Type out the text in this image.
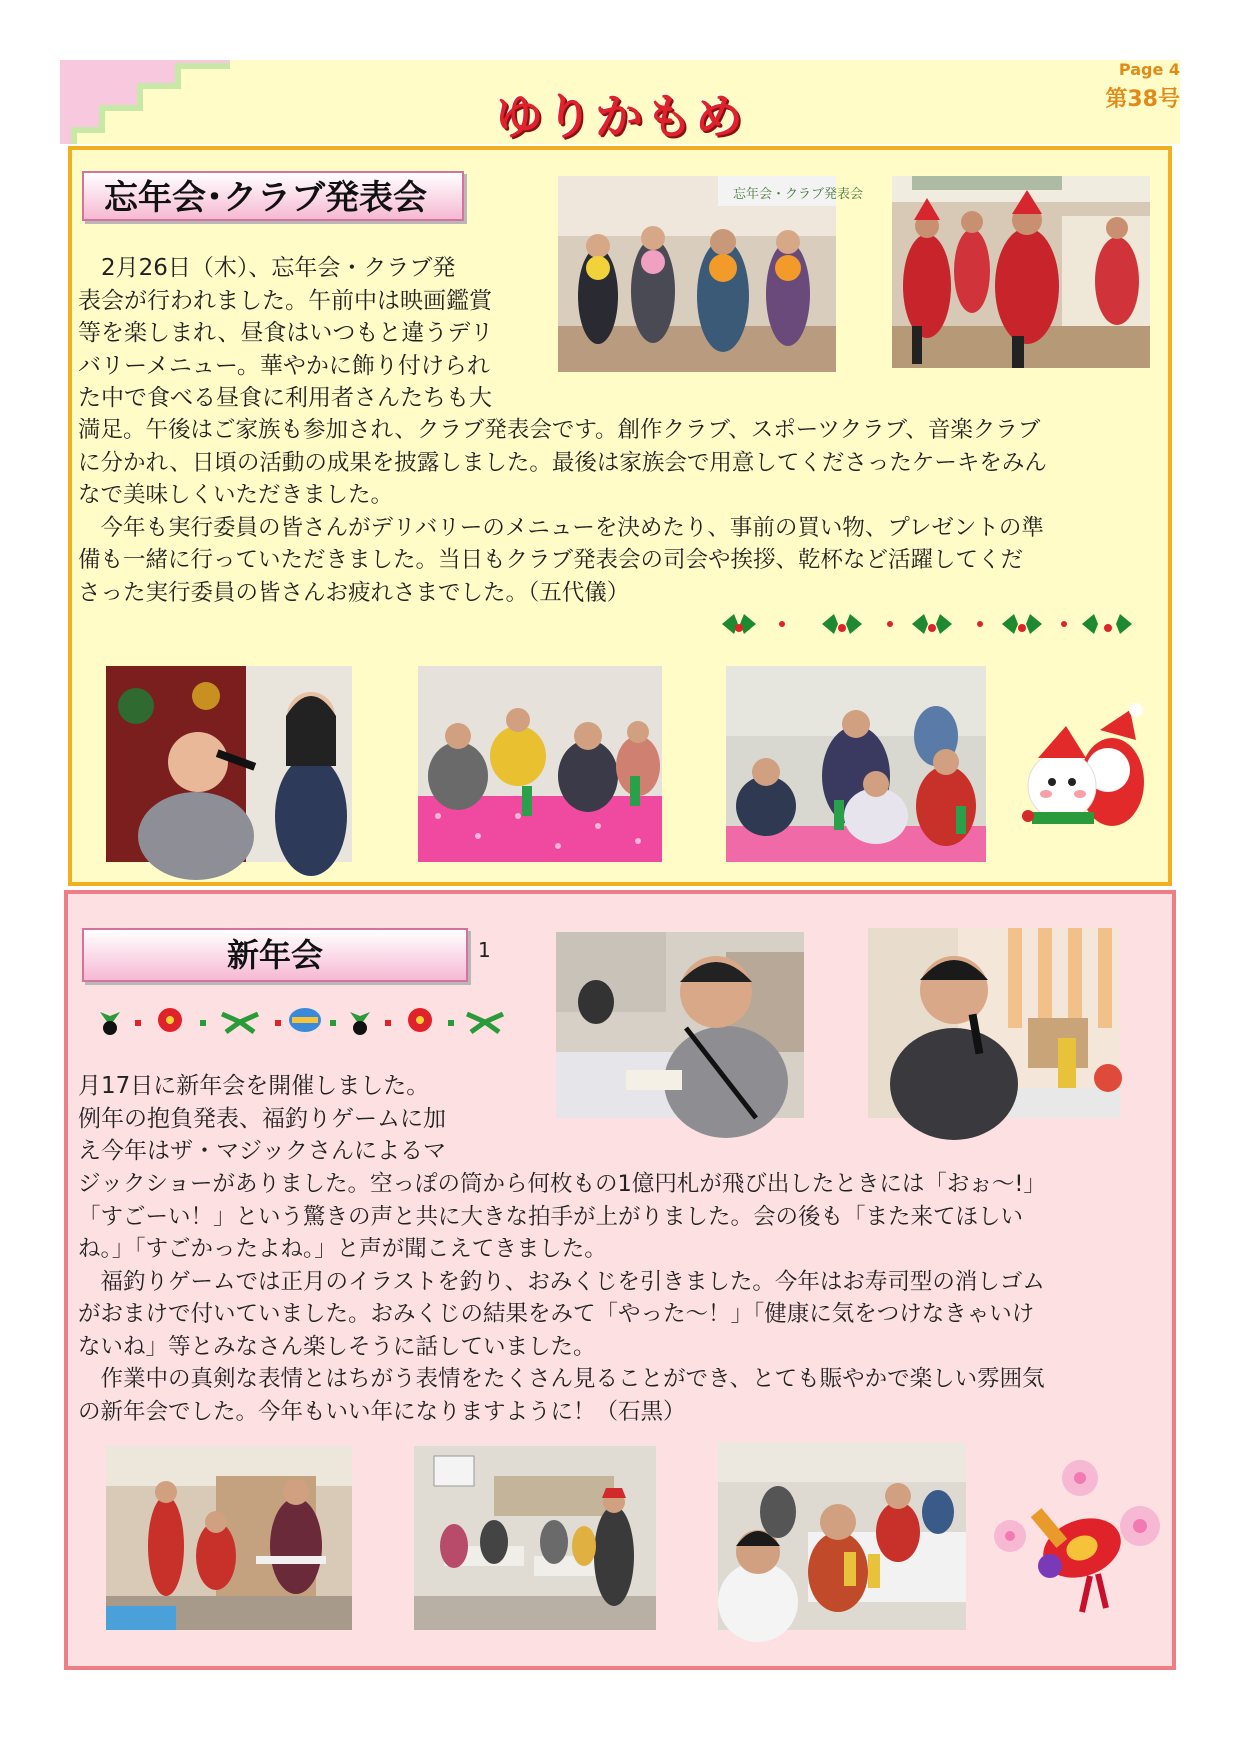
ゆりかもめ
Page 4
第38号
忘年会･クラブ発表会
　2月26日（木）、忘年会・クラブ発
表会が行われました。午前中は映画鑑賞
等を楽しまれ、昼食はいつもと違うデリ
バリーメニュー。華やかに飾り付けられ
た中で食べる昼食に利用者さんたちも大
満足。午後はご家族も参加され、クラブ発表会です。創作クラブ、スポーツクラブ、音楽クラブ
に分かれ、日頃の活動の成果を披露しました。最後は家族会で用意してくださったケーキをみん
なで美味しくいただきました。
　今年も実行委員の皆さんがデリバリーのメニューを決めたり、事前の買い物、プレゼントの準
備も一緒に行っていただきました。当日もクラブ発表会の司会や挨拶、乾杯など活躍してくだ
さった実行委員の皆さんお疲れさまでした。（五代儀）
忘年会・クラブ発表会
新年会	1
月17日に新年会を開催しました。
例年の抱負発表、福釣りゲームに加
え今年はザ・マジックさんによるマ
ジックショーがありました。空っぽの筒から何枚もの1億円札が飛び出したときには「おぉ～!」
「すごーい！」という驚きの声と共に大きな拍手が上がりました。会の後も「また来てほしい
ね。」「すごかったよね。」と声が聞こえてきました。
　福釣りゲームでは正月のイラストを釣り、おみくじを引きました。今年はお寿司型の消しゴム
がおまけで付いていました。おみくじの結果をみて「やった～！」「健康に気をつけなきゃいけ
ないね」等とみなさん楽しそうに話していました。
　作業中の真剣な表情とはちがう表情をたくさん見ることができ、とても賑やかで楽しい雰囲気
の新年会でした。今年もいい年になりますように！（石黒）
